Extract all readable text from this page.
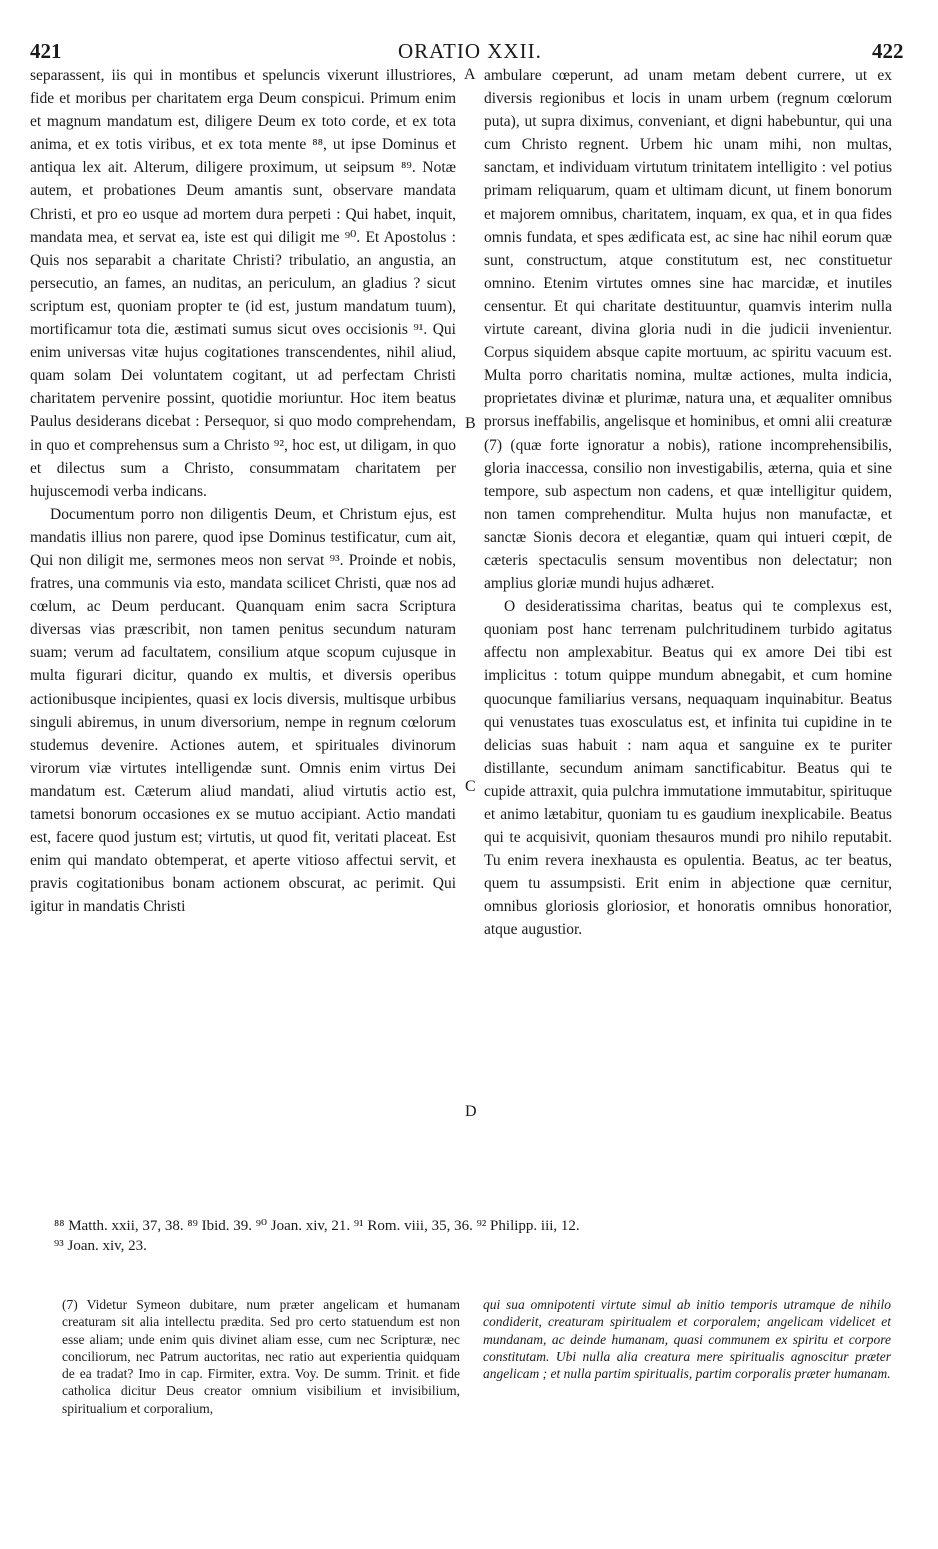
421	ORATIO XXII.	422
A
B
C
D

separassent, iis qui in montibus et speluncis vixerunt illustriores, fide et moribus per charitatem erga Deum conspicui. Primum enim et magnum mandatum est, diligere Deum ex toto corde, et ex tota anima, et ex totis viribus, et ex tota mente ⁸⁸, ut ipse Dominus et antiqua lex ait. Alterum, diligere proximum, ut seipsum ⁸⁹. Notæ autem, et probationes Deum amantis sunt, observare mandata Christi, et pro eo usque ad mortem dura perpeti : Qui habet, inquit, mandata mea, et servat ea, iste est qui diligit me ⁹⁰. Et Apostolus : Quis nos separabit a charitate Christi? tribulatio, an angustia, an persecutio, an fames, an nuditas, an periculum, an gladius ? sicut scriptum est, quoniam propter te (id est, justum mandatum tuum), mortificamur tota die, æstimati sumus sicut oves occisionis ⁹¹. Qui enim universas vitæ hujus cogitationes transcendentes, nihil aliud, quam solam Dei voluntatem cogitant, ut ad perfectam Christi charitatem pervenire possint, quotidie moriuntur. Hoc item beatus Paulus desiderans dicebat : Persequor, si quo modo comprehendam, in quo et comprehensus sum a Christo ⁹², hoc est, ut diligam, in quo et dilectus sum a Christo, consummatam charitatem per hujuscemodi verba indicans.

Documentum porro non diligentis Deum, et Christum ejus, est mandatis illius non parere, quod ipse Dominus testificatur, cum ait, Qui non diligit me, sermones meos non servat ⁹³. Proinde et nobis, fratres, una communis via esto, mandata scilicet Christi, quæ nos ad cœlum, ac Deum perducant. Quanquam enim sacra Scriptura diversas vias præscribit, non tamen penitus secundum naturam suam; verum ad facultatem, consilium atque scopum cujusque in multa figurari dicitur, quando ex multis, et diversis operibus actionibusque incipientes, quasi ex locis diversis, multisque urbibus singuli abiremus, in unum diversorium, nempe in regnum cœlorum studemus devenire. Actiones autem, et spirituales divinorum virorum viæ virtutes intelligendæ sunt. Omnis enim virtus Dei mandatum est. Cæterum aliud mandati, aliud virtutis actio est, tametsi bonorum occasiones ex se mutuo accipiant. Actio mandati est, facere quod justum est; virtutis, ut quod fit, veritati placeat. Est enim qui mandato obtemperat, et aperte vitioso affectui servit, et pravis cogitationibus bonam actionem obscurat, ac perimit. Qui igitur in mandatis Christi

ambulare cœperunt, ad unam metam debent currere, ut ex diversis regionibus et locis in unam urbem (regnum cœlorum puta), ut supra diximus, conveniant, et digni habebuntur, qui una cum Christo regnent. Urbem hic unam mihi, non multas, sanctam, et individuam virtutum trinitatem intelligito : vel potius primam reliquarum, quam et ultimam dicunt, ut finem bonorum et majorem omnibus, charitatem, inquam, ex qua, et in qua fides omnis fundata, et spes ædificata est, ac sine hac nihil eorum quæ sunt, constructum, atque constitutum est, nec constituetur omnino. Etenim virtutes omnes sine hac marcidæ, et inutiles censentur. Et qui charitate destituuntur, quamvis interim nulla virtute careant, divina gloria nudi in die judicii invenientur. Corpus siquidem absque capite mortuum, ac spiritu vacuum est. Multa porro charitatis nomina, multæ actiones, multa indicia, proprietates divinæ et plurimæ, natura una, et æqualiter omnibus prorsus ineffabilis, angelisque et hominibus, et omni alii creaturæ (7) (quæ forte ignoratur a nobis), ratione incomprehensibilis, gloria inaccessa, consilio non investigabilis, æterna, quia et sine tempore, sub aspectum non cadens, et quæ intelligitur quidem, non tamen comprehenditur. Multa hujus non manufactæ, et sanctæ Sionis decora et elegantiæ, quam qui intueri cœpit, de cæteris spectaculis sensum moventibus non delectatur; non amplius gloriæ mundi hujus adhæret.

O desideratissima charitas, beatus qui te complexus est, quoniam post hanc terrenam pulchritudinem turbido agitatus affectu non amplexabitur. Beatus qui ex amore Dei tibi est implicitus : totum quippe mundum abnegabit, et cum homine quocunque familiarius versans, nequaquam inquinabitur. Beatus qui venustates tuas exosculatus est, et infinita tui cupidine in te delicias suas habuit : nam aqua et sanguine ex te puriter distillante, secundum animam sanctificabitur. Beatus qui te cupide attraxit, quia pulchra immutatione immutabitur, spirituque et animo lætabitur, quoniam tu es gaudium inexplicabile. Beatus qui te acquisivit, quoniam thesauros mundi pro nihilo reputabit. Tu enim revera inexhausta es opulentia. Beatus, ac ter beatus, quem tu assumpsisti. Erit enim in abjectione quæ cernitur, omnibus gloriosis gloriosior, et honoratis omnibus honoratior, atque augustior.

⁸⁸ Matth. xxii, 37, 38. ⁸⁹ Ibid. 39. ⁹⁰ Joan. xiv, 21. ⁹¹ Rom. viii, 35, 36. ⁹² Philipp. iii, 12.
⁹³ Joan. xiv, 23.
(7) Videtur Symeon dubitare, num præter angelicam et humanam creaturam sit alia intellectu prædita. Sed pro certo statuendum est non esse aliam; unde enim quis divinet aliam esse, cum nec Scripturæ, nec conciliorum, nec Patrum auctoritas, nec ratio aut experientia quidquam de ea tradat? Imo in cap. Firmiter, extra. Voy. De summ. Trinit. et fide catholica dicitur Deus creator omnium visibilium et invisibilium, spiritualium et corporalium,
qui sua omnipotenti virtute simul ab initio temporis utramque de nihilo condiderit, creaturam spiritualem et corporalem; angelicam videlicet et mundanam, ac deinde humanam, quasi communem ex spiritu et corpore constitutam. Ubi nulla alia creatura mere spiritualis agnoscitur præter angelicam ; et nulla partim spiritualis, partim corporalis præter humanam.
